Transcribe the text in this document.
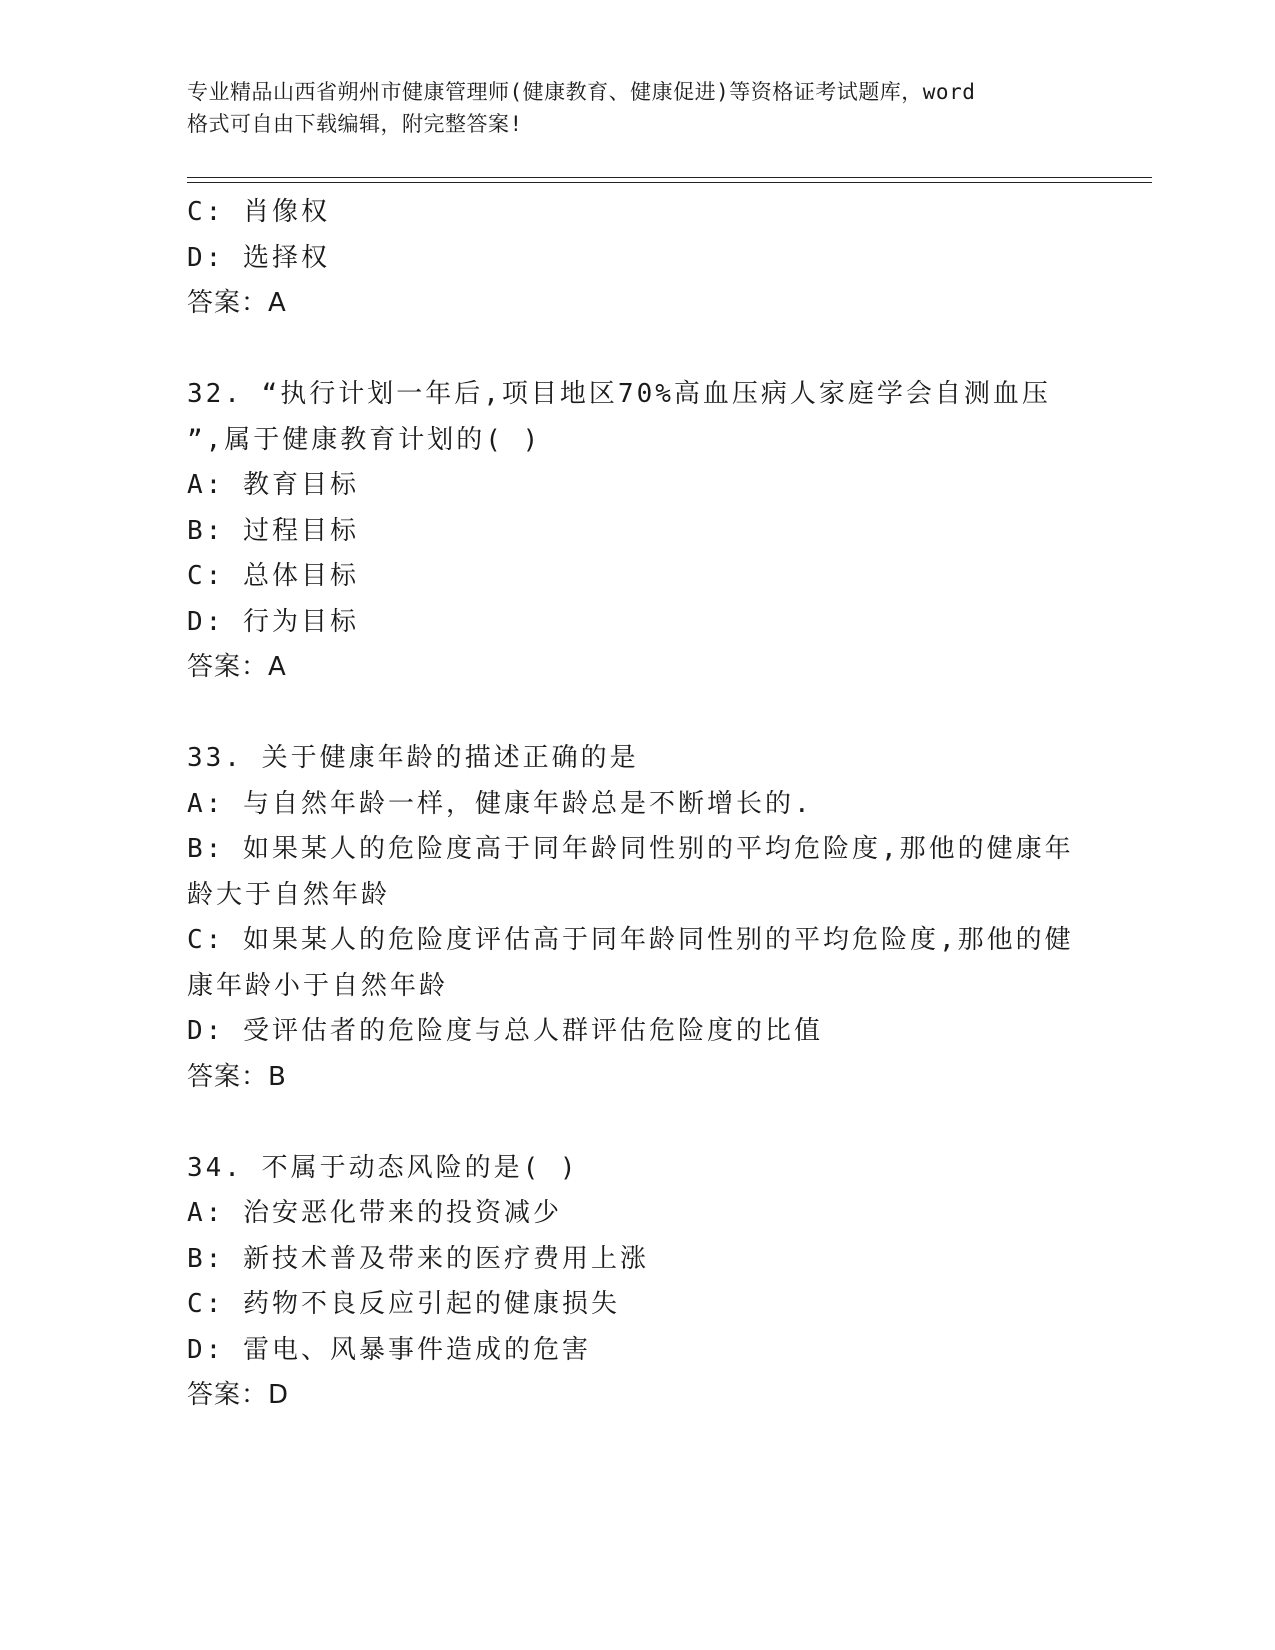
专业精品山西省朔州市健康管理师(健康教育、健康促进)等资格证考试题库，word
格式可自由下载编辑，附完整答案!
C: 肖像权
D: 选择权
答案：A
32. “执行计划一年后,项目地区70%高血压病人家庭学会自测血压
”,属于健康教育计划的( )
A: 教育目标
B: 过程目标
C: 总体目标
D: 行为目标
答案：A
33. 关于健康年龄的描述正确的是
A: 与自然年龄一样，健康年龄总是不断增长的.
B: 如果某人的危险度高于同年龄同性别的平均危险度,那他的健康年
龄大于自然年龄
C: 如果某人的危险度评估高于同年龄同性别的平均危险度,那他的健
康年龄小于自然年龄
D: 受评估者的危险度与总人群评估危险度的比值
答案：B
34. 不属于动态风险的是( )
A: 治安恶化带来的投资减少
B: 新技术普及带来的医疗费用上涨
C: 药物不良反应引起的健康损失
D: 雷电、风暴事件造成的危害
答案：D
